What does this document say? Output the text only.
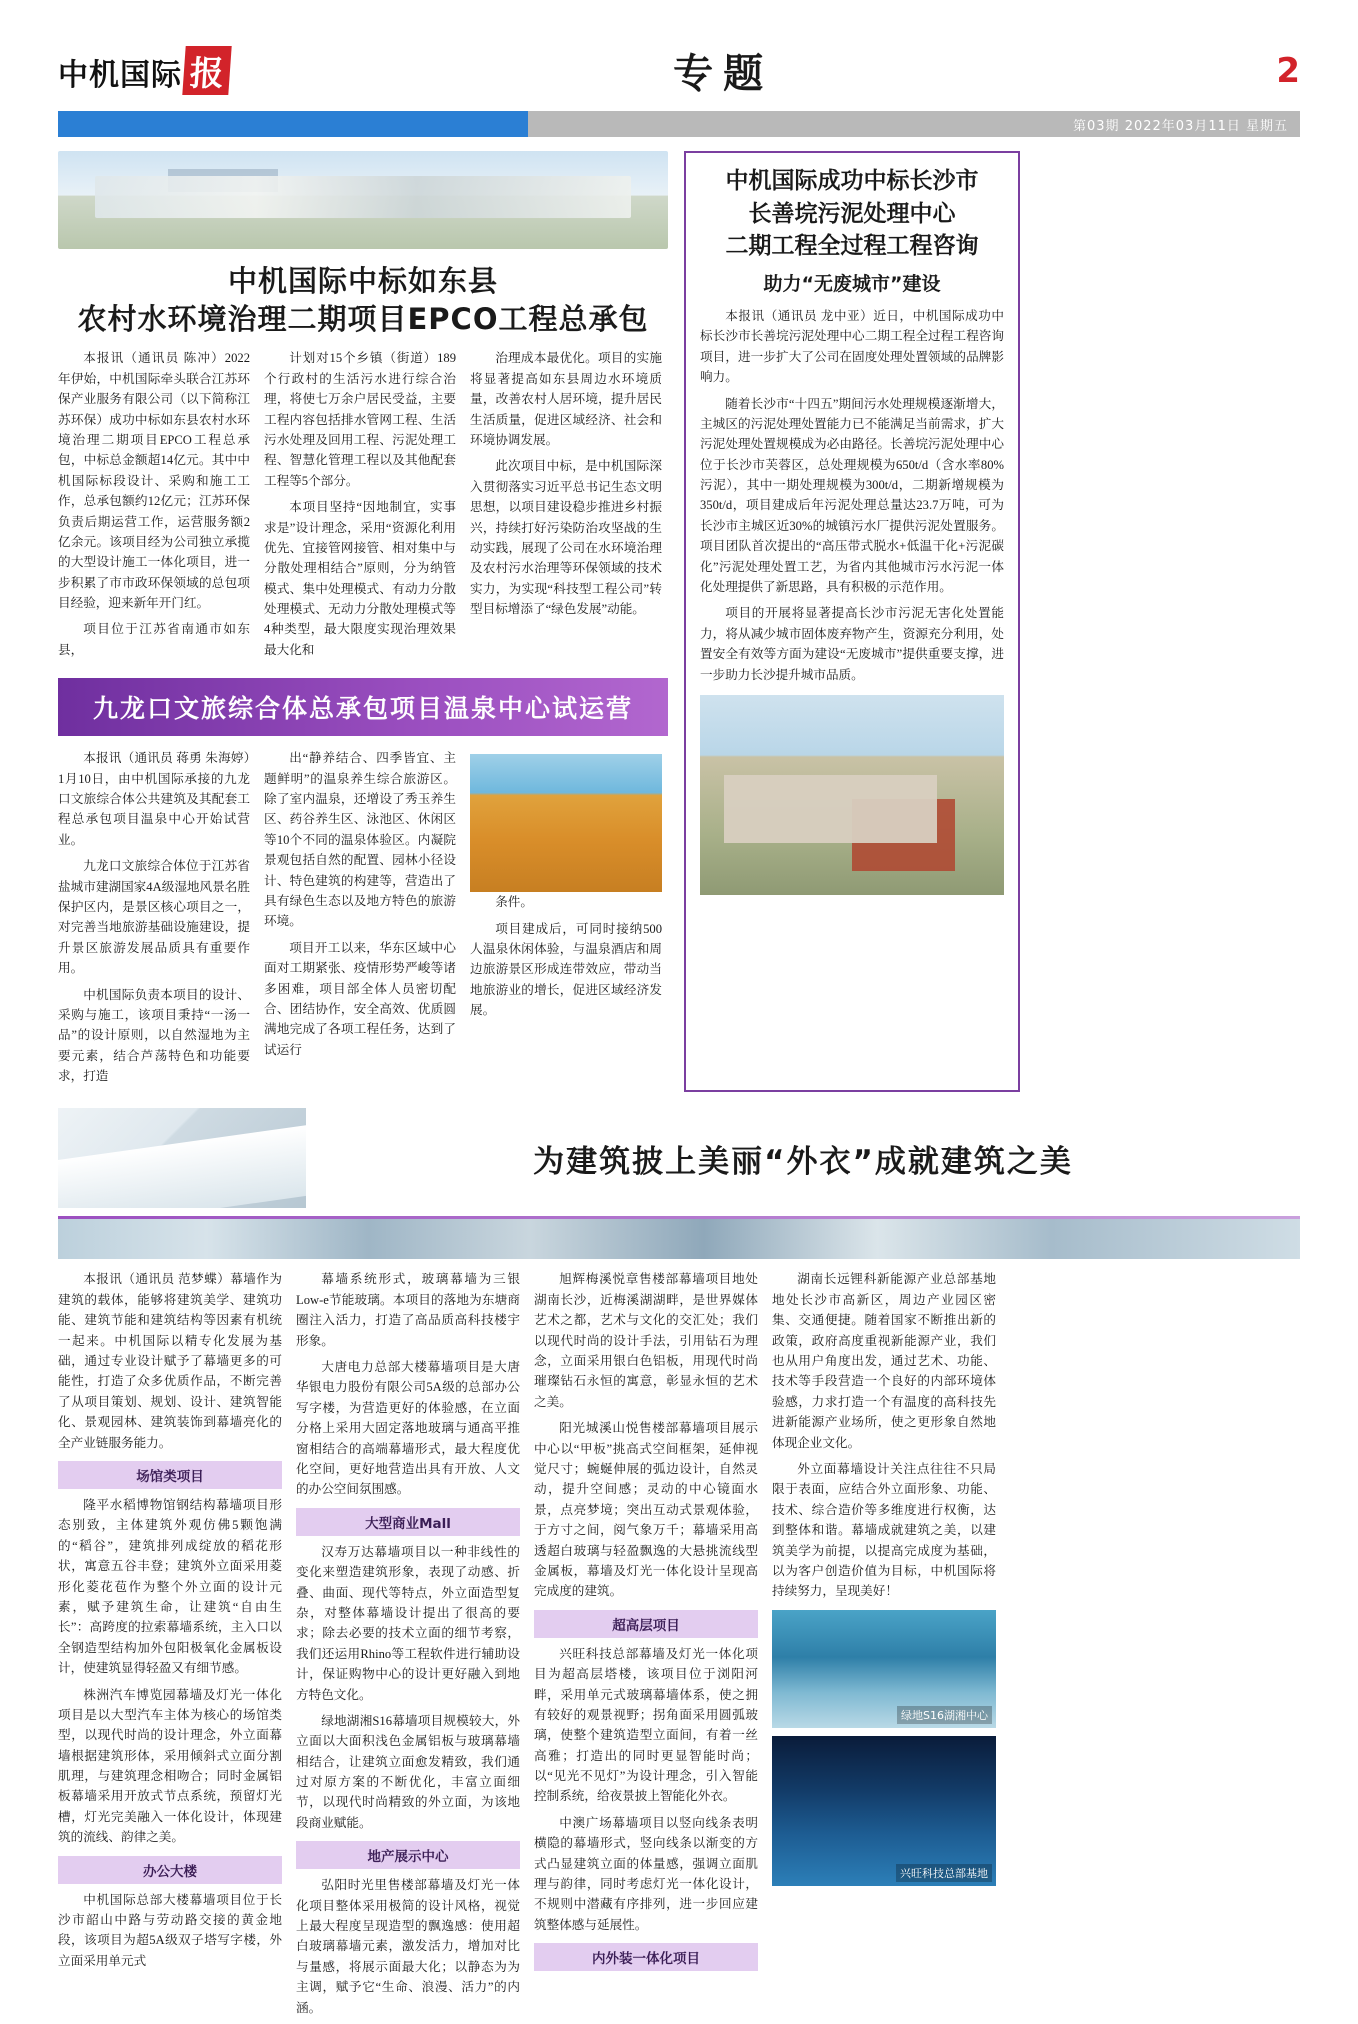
中机国际 报	专题	2
第03期 2022年03月11日 星期五
中机国际中标如东县
农村水环境治理二期项目EPCO工程总承包

本报讯（通讯员 陈冲）2022年伊始，中机国际牵头联合江苏环保产业服务有限公司（以下简称江苏环保）成功中标如东县农村水环境治理二期项目EPCO工程总承包，中标总金额超14亿元。其中中机国际标段设计、采购和施工工作，总承包额约12亿元；江苏环保负责后期运营工作，运营服务额2亿余元。该项目经为公司独立承揽的大型设计施工一体化项目，进一步积累了市市政环保领域的总包项目经验，迎来新年开门红。

项目位于江苏省南通市如东县，

计划对15个乡镇（街道）189个行政村的生活污水进行综合治理，将使七万余户居民受益，主要工程内容包括排水管网工程、生活污水处理及回用工程、污泥处理工程、智慧化管理工程以及其他配套工程等5个部分。

本项目坚持“因地制宜，实事求是”设计理念，采用“资源化利用优先、宜接管网接管、相对集中与分散处理相结合”原则，分为纳管模式、集中处理模式、有动力分散处理模式、无动力分散处理模式等4种类型，最大限度实现治理效果最大化和

治理成本最优化。项目的实施将显著提高如东县周边水环境质量，改善农村人居环境，提升居民生活质量，促进区域经济、社会和环境协调发展。

此次项目中标，是中机国际深入贯彻落实习近平总书记生态文明思想，以项目建设稳步推进乡村振兴，持续打好污染防治攻坚战的生动实践，展现了公司在水环境治理及农村污水治理等环保领域的技术实力，为实现“科技型工程公司”转型目标增添了“绿色发展”动能。

九龙口文旅综合体总承包项目温泉中心试运营

本报讯（通讯员 蒋勇 朱海婷）1月10日，由中机国际承接的九龙口文旅综合体公共建筑及其配套工程总承包项目温泉中心开始试营业。

九龙口文旅综合体位于江苏省盐城市建湖国家4A级湿地风景名胜保护区内，是景区核心项目之一，对完善当地旅游基础设施建设，提升景区旅游发展品质具有重要作用。

中机国际负责本项目的设计、采购与施工，该项目秉持“一汤一品”的设计原则，以自然湿地为主要元素，结合芦荡特色和功能要求，打造

出“静养结合、四季皆宜、主题鲜明”的温泉养生综合旅游区。除了室内温泉，还增设了秀玉养生区、药谷养生区、泳池区、休闲区等10个不同的温泉体验区。内凝院景观包括自然的配置、园林小径设计、特色建筑的构建等，营造出了具有绿色生态以及地方特色的旅游环境。

项目开工以来，华东区域中心面对工期紧张、疫情形势严峻等诸多困难，项目部全体人员密切配合、团结协作，安全高效、优质圆满地完成了各项工程任务，达到了试运行

条件。

项目建成后，可同时接纳500人温泉休闲体验，与温泉酒店和周边旅游景区形成连带效应，带动当地旅游业的增长，促进区域经济发展。

中机国际成功中标长沙市
长善垸污泥处理中心
二期工程全过程工程咨询
助力“无废城市”建设

本报讯（通讯员 龙中亚）近日，中机国际成功中标长沙市长善垸污泥处理中心二期工程全过程工程咨询项目，进一步扩大了公司在固度处理处置领域的品牌影响力。

随着长沙市“十四五”期间污水处理规模逐渐增大，主城区的污泥处理处置能力已不能满足当前需求，扩大污泥处理处置规模成为必由路径。长善垸污泥处理中心位于长沙市芙蓉区，总处理规模为650t/d（含水率80%污泥），其中一期处理规模为300t/d，二期新增规模为350t/d，项目建成后年污泥处理总量达23.7万吨，可为长沙市主城区近30%的城镇污水厂提供污泥处置服务。项目团队首次提出的“高压带式脱水+低温干化+污泥碳化”污泥处理处置工艺，为省内其他城市污水污泥一体化处理提供了新思路，具有积极的示范作用。

项目的开展将显著提高长沙市污泥无害化处置能力，将从减少城市固体废弃物产生，资源充分利用，处置安全有效等方面为建设“无废城市”提供重要支撑，进一步助力长沙提升城市品质。

为建筑披上美丽“外衣”成就建筑之美

本报讯（通讯员 范梦蝶）幕墙作为建筑的载体，能够将建筑美学、建筑功能、建筑节能和建筑结构等因素有机统一起来。中机国际以精专化发展为基础，通过专业设计赋予了幕墙更多的可能性，打造了众多优质作品，不断完善了从项目策划、规划、设计、建筑智能化、景观园林、建筑装饰到幕墙亮化的全产业链服务能力。

场馆类项目

隆平水稻博物馆钢结构幕墙项目形态别致，主体建筑外观仿佛5颗饱满的“稻谷”，建筑排列成绽放的稻花形状，寓意五谷丰登；建筑外立面采用菱形化菱花苞作为整个外立面的设计元素，赋予建筑生命，让建筑“自由生长”：高跨度的拉索幕墙系统，主入口以全钢造型结构加外包阳极氧化金属板设计，使建筑显得轻盈又有细节感。

株洲汽车博览园幕墙及灯光一体化项目是以大型汽车主体为核心的场馆类型，以现代时尚的设计理念，外立面幕墙根据建筑形体，采用倾斜式立面分割肌理，与建筑理念相吻合；同时金属铝板幕墙采用开放式节点系统，预留灯光槽，灯光完美融入一体化设计，体现建筑的流线、韵律之美。

办公大楼

中机国际总部大楼幕墙项目位于长沙市韶山中路与劳动路交接的黄金地段，该项目为超5A级双子塔写字楼，外立面采用单元式

幕墙系统形式，玻璃幕墙为三银Low-e节能玻璃。本项目的落地为东塘商圈注入活力，打造了高品质高科技楼宇形象。

大唐电力总部大楼幕墙项目是大唐华银电力股份有限公司5A级的总部办公写字楼，为营造更好的体验感，在立面分格上采用大固定落地玻璃与通高平推窗相结合的高端幕墙形式，最大程度优化空间，更好地营造出具有开放、人文的办公空间氛围感。

大型商业Mall

汉寿万达幕墙项目以一种非线性的变化来塑造建筑形象，表现了动感、折叠、曲面、现代等特点，外立面造型复杂，对整体幕墙设计提出了很高的要求；除去必要的技术立面的细节考察，我们还运用Rhino等工程软件进行辅助设计，保证购物中心的设计更好融入到地方特色文化。

绿地湖湘S16幕墙项目规模较大，外立面以大面积浅色金属铝板与玻璃幕墙相结合，让建筑立面愈发精致，我们通过对原方案的不断优化，丰富立面细节，以现代时尚精致的外立面，为该地段商业赋能。

地产展示中心

弘阳时光里售楼部幕墙及灯光一体化项目整体采用极简的设计风格，视觉上最大程度呈现造型的飘逸感：使用超白玻璃幕墙元素，激发活力，增加对比与量感，将展示面最大化；以静态为为主调，赋予它“生命、浪漫、活力”的内涵。

旭辉梅溪悦章售楼部幕墙项目地处湖南长沙，近梅溪湖湖畔，是世界媒体艺术之都，艺术与文化的交汇处；我们以现代时尚的设计手法，引用钻石为理念，立面采用银白色铝板，用现代时尚璀璨钻石永恒的寓意，彰显永恒的艺术之美。

阳光城溪山悦售楼部幕墙项目展示中心以“甲板”挑高式空间框架，延伸视觉尺寸；蜿蜒伸展的弧边设计，自然灵动，提升空间感；灵动的中心镜面水景，点亮梦境；突出互动式景观体验，于方寸之间，阅气象万千；幕墙采用高透超白玻璃与轻盈飘逸的大悬挑流线型金属板，幕墙及灯光一体化设计呈现高完成度的建筑。

超高层项目

兴旺科技总部幕墙及灯光一体化项目为超高层塔楼，该项目位于浏阳河畔，采用单元式玻璃幕墙体系，使之拥有较好的观景视野；拐角面采用圆弧玻璃，使整个建筑造型立面间，有着一丝高雅；打造出的同时更显智能时尚；以“见光不见灯”为设计理念，引入智能控制系统，给夜景披上智能化外衣。

中澳广场幕墙项目以竖向线条表明横隐的幕墙形式，竖向线条以渐变的方式凸显建筑立面的体量感，强调立面肌理与韵律，同时考虑灯光一体化设计，不规则中潜藏有序排列，进一步回应建筑整体感与延展性。

内外装一体化项目

湖南长远锂科新能源产业总部基地地处长沙市高新区，周边产业园区密集、交通便捷。随着国家不断推出新的政策，政府高度重视新能源产业，我们也从用户角度出发，通过艺术、功能、技术等手段营造一个良好的内部环境体验感，力求打造一个有温度的高科技先进新能源产业场所，使之更形象自然地体现企业文化。

外立面幕墙设计关注点往往不只局限于表面，应结合外立面形象、功能、技术、综合造价等多维度进行权衡，达到整体和谐。幕墙成就建筑之美，以建筑美学为前提，以提高完成度为基础，以为客户创造价值为目标，中机国际将持续努力，呈现美好！

绿地S16湖湘中心
兴旺科技总部基地
